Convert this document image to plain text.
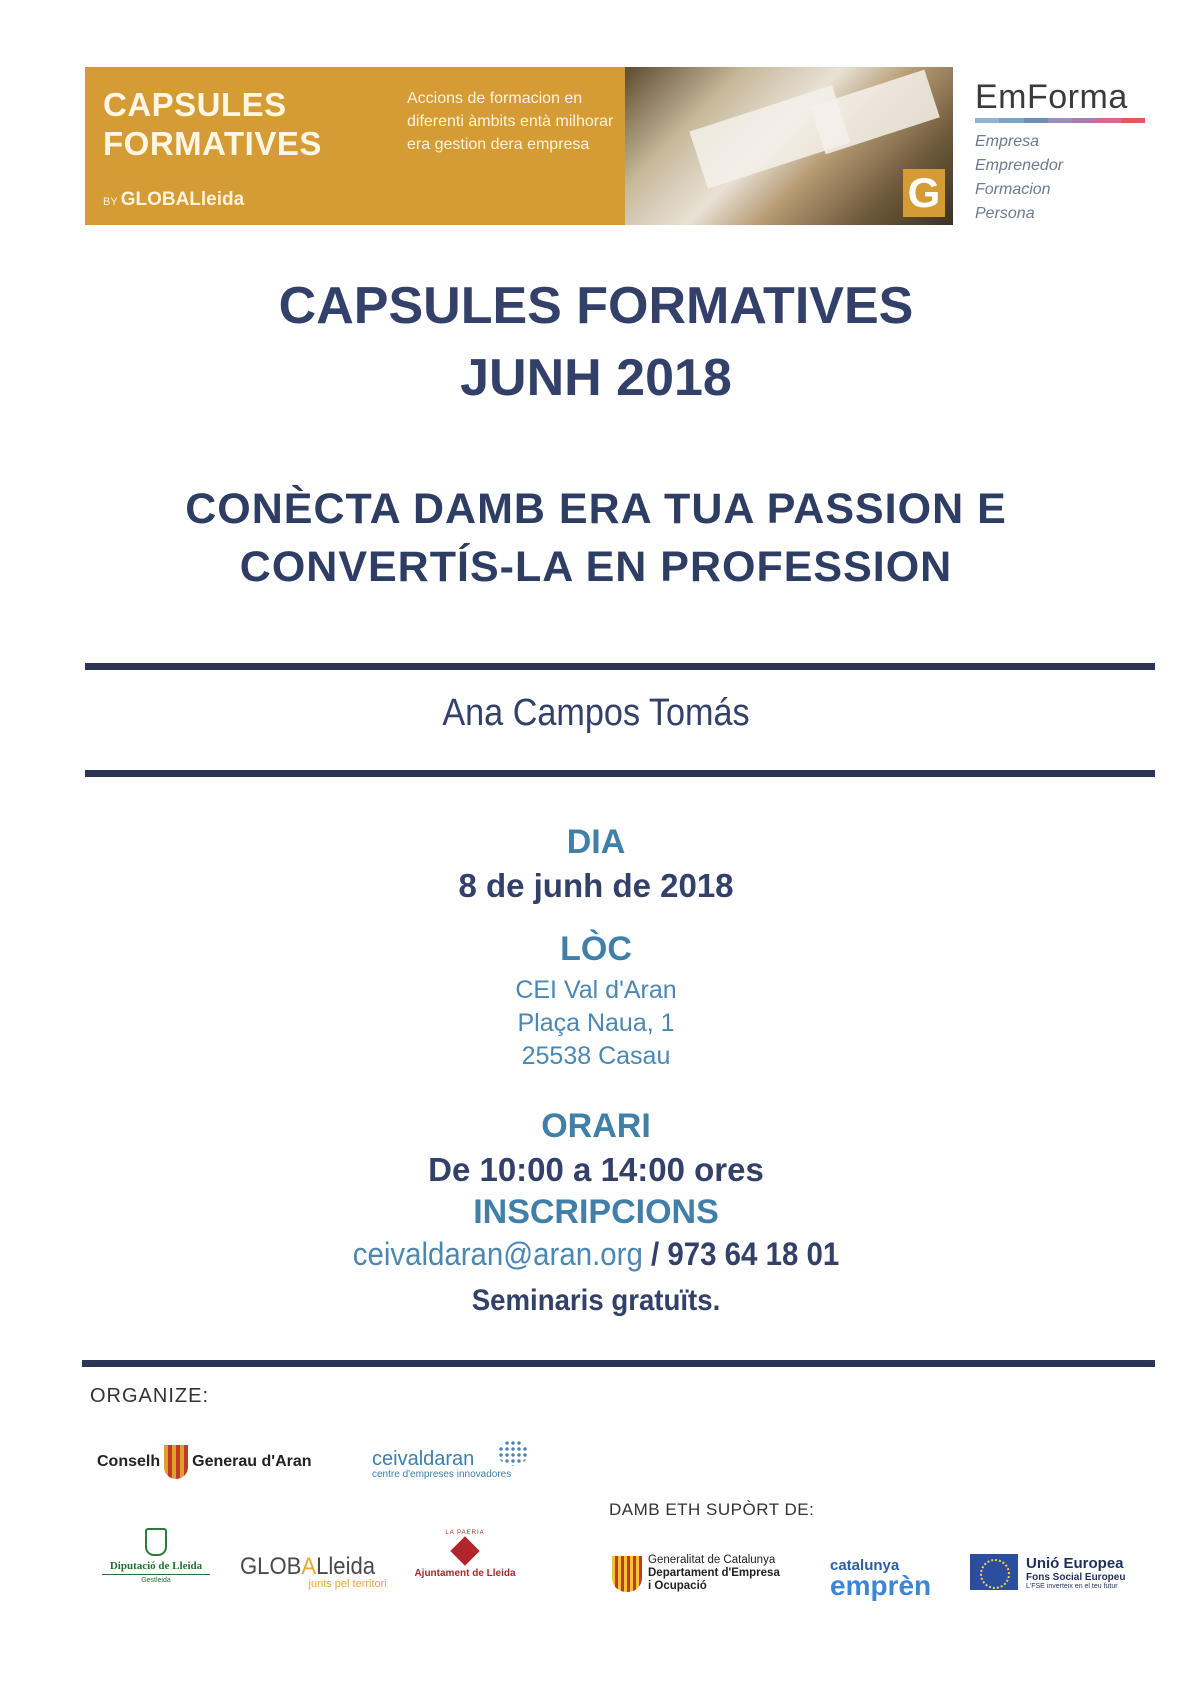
CAPSULES
FORMATIVES
BY GLOBALleida
Accions de formacion en diferenti àmbits entà milhorar era gestion dera empresa
G
EmForma
Empresa
Emprenedor
Formacion
Persona
CAPSULES FORMATIVES
JUNH 2018
CONÈCTA DAMB ERA TUA PASSION E
CONVERTÍS-LA EN PROFESSION
Ana Campos Tomás
DIA
8 de junh de 2018
LÒC
CEI Val d'Aran
Plaça Naua, 1
25538 Casau
ORARI
De 10:00 a 14:00 ores
INSCRIPCIONS
ceivaldaran@aran.org / 973 64 18 01
Seminaris gratuïts.
ORGANIZE:
DAMB ETH SUPÒRT DE:
Conselh Generau d'Aran	ceivaldaran
centre d'empreses innovadores
Diputació de Lleida
Gestleida
GLOBALleida
junts pel territori
LA PAERIA
Ajuntament de Lleida
Generalitat de Catalunya
Departament d'Empresa
i Ocupació
catalunya
emprèn
Unió Europea
Fons Social Europeu
L'FSE inverteix en el teu futur
